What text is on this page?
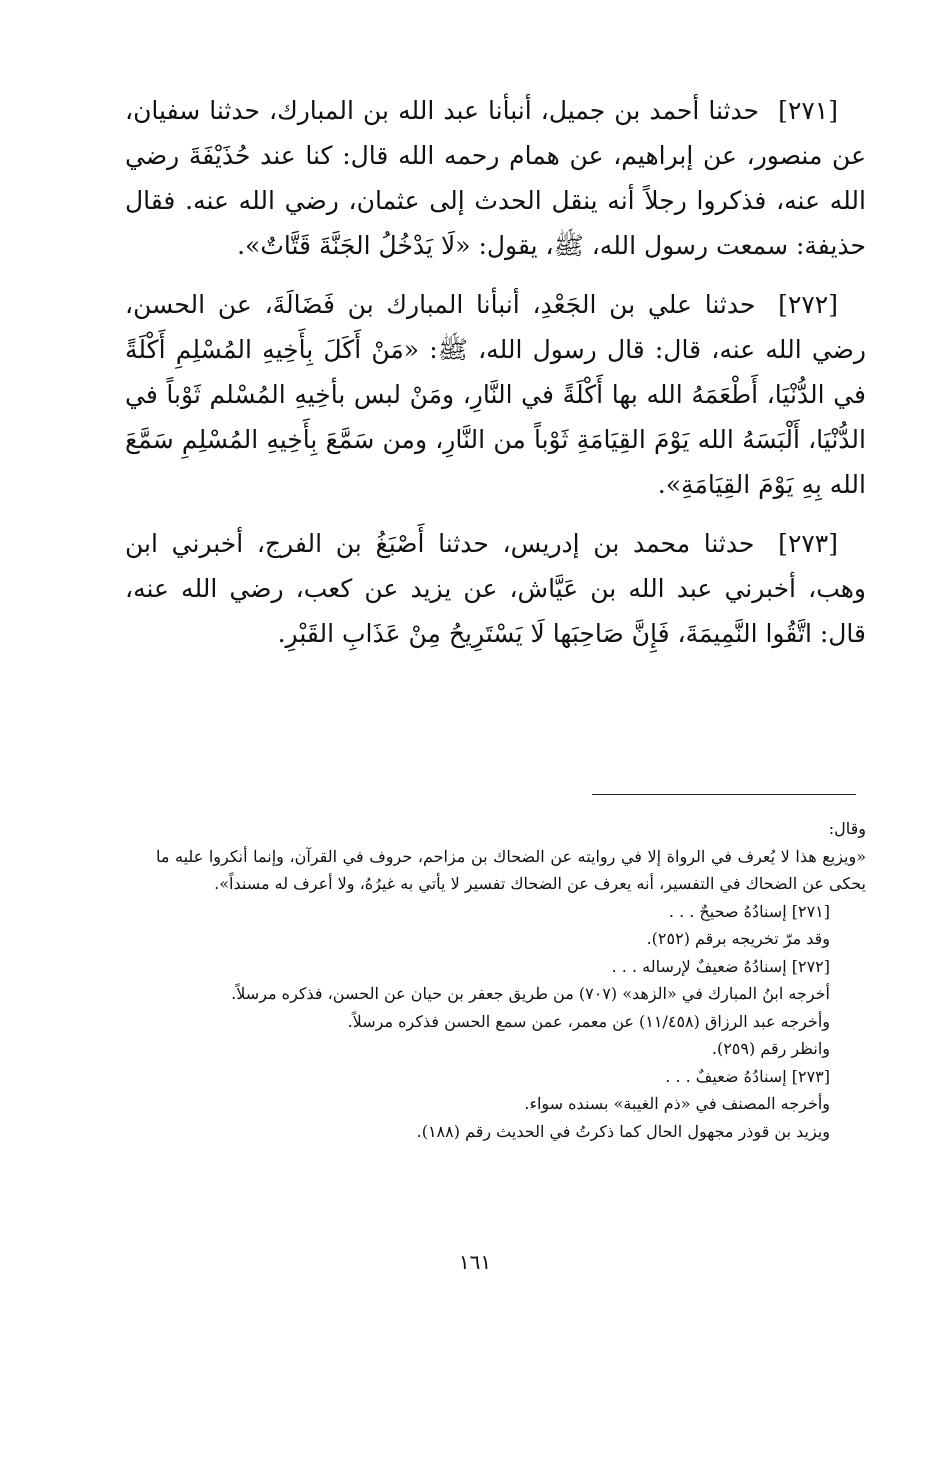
[٢٧١] حدثنا أحمد بن جميل، أنبأنا عبد الله بن المبارك، حدثنا سفيان، عن منصور، عن إبراهيم، عن همام رحمه الله قال: كنا عند حُذَيْفَةَ رضي الله عنه، فذكروا رجلاً أنه ينقل الحدث إلى عثمان، رضي الله عنه. فقال حذيفة: سمعت رسول الله، ﷺ، يقول: «لَا يَدْخُلُ الجَنَّةَ قَتَّاتٌ».

[٢٧٢] حدثنا علي بن الجَعْدِ، أنبأنا المبارك بن فَضَالَةَ، عن الحسن، رضي الله عنه، قال: قال رسول الله، ﷺ: «مَنْ أَكَلَ بِأَخِيهِ المُسْلِمِ أَكْلَةً في الدُّنْيَا، أَطْعَمَهُ الله بها أَكْلَةً في النَّارِ، ومَنْ لبس بأخِيهِ المُسْلم ثَوْباً في الدُّنْيَا، أَلْبَسَهُ الله يَوْمَ القِيَامَةِ ثَوْباً من النَّارِ، ومن سَمَّعَ بِأَخِيهِ المُسْلِمِ سَمَّعَ الله بِهِ يَوْمَ القِيَامَةِ».

[٢٧٣] حدثنا محمد بن إدريس، حدثنا أَصْبَغُ بن الفرج، أخبرني ابن وهب، أخبرني عبد الله بن عَيَّاش، عن يزيد عن كعب، رضي الله عنه، قال: اتَّقُوا النَّمِيمَةَ، فَإِنَّ صَاحِبَها لَا يَسْتَرِيحُ مِنْ عَذَابِ القَبْرِ.

وقال:

«ويزيع هذا لا يُعرف في الرواة إلا في روايته عن الضحاك بن مزاحم، حروف في القرآن، وإنما أنكروا عليه ما يحكى عن الضحاك في التفسير، أنه يعرف عن الضحاك تفسير لا يأتي به غيرُهُ، ولا أعرف له مسنداً».

[٢٧١] إسنادُهُ صحيحٌ . . .

وقد مرّ تخريجه برقم (٢٥٢).

[٢٧٢] إسنادُهُ ضعيفٌ لإرساله . . .

أخرجه ابنُ المبارك في «الزهد» (٧٠٧) من طريق جعفر بن حيان عن الحسن، فذكره مرسلاً.

وأخرجه عبد الرزاق (١١/٤٥٨) عن معمر، عمن سمع الحسن فذكره مرسلاً.

وانظر رقم (٢٥٩).

[٢٧٣] إسنادُهُ ضعيفٌ . . .

وأخرجه المصنف في «ذم الغيبة» بسنده سواء.

ويزيد بن قوذر مجهول الحال كما ذكرتُ في الحديث رقم (١٨٨).

١٦١
